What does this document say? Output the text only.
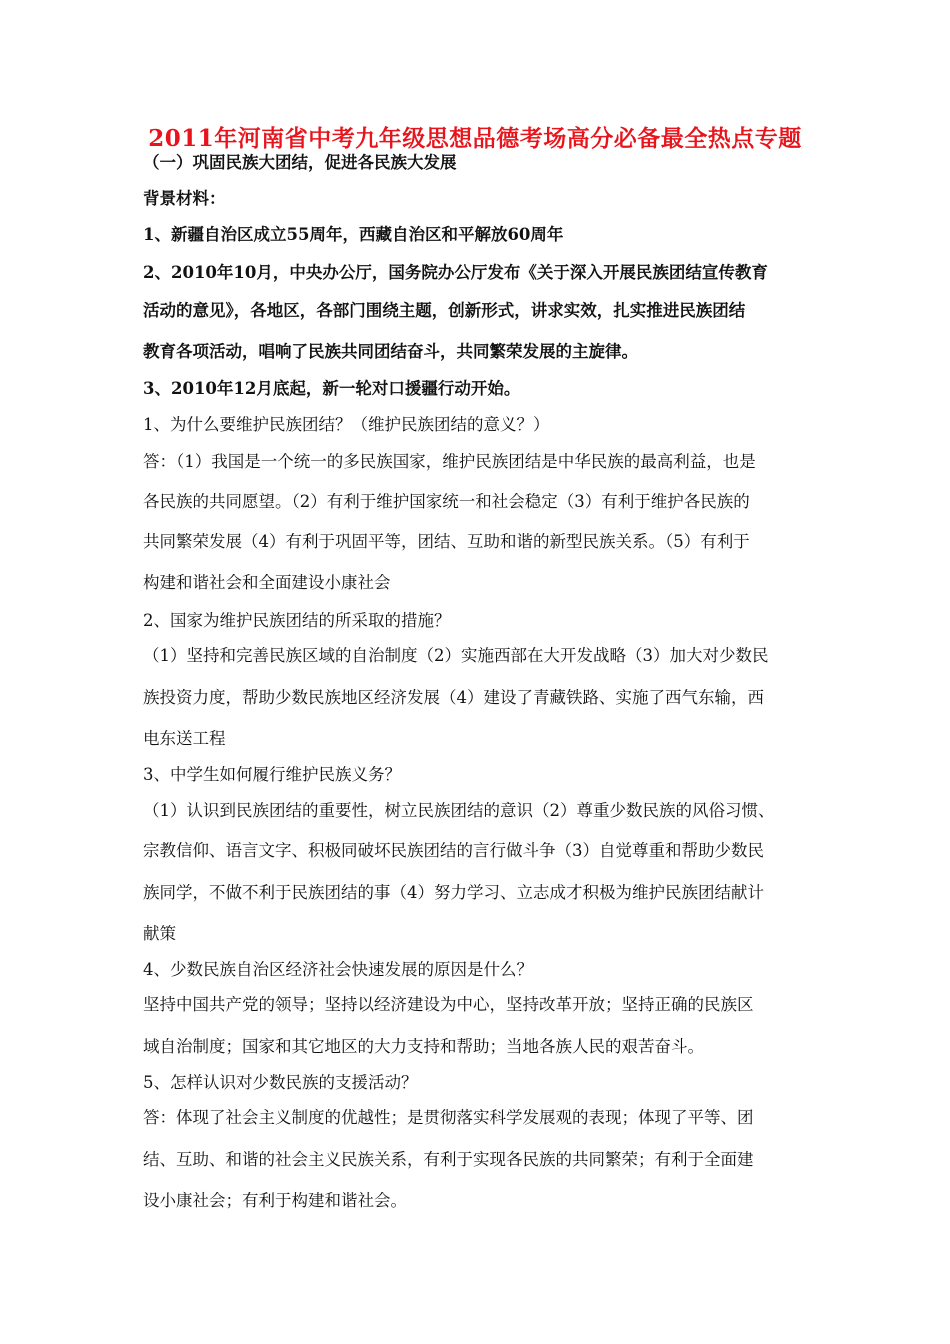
2011年河南省中考九年级思想品德考场高分必备最全热点专题
（一）巩固民族大团结，促进各民族大发展
背景材料：
1、新疆自治区成立55周年，西藏自治区和平解放60周年
2、2010年10月，中央办公厅，国务院办公厅发布《关于深入开展民族团结宣传教育
活动的意见》，各地区，各部门围绕主题，创新形式，讲求实效，扎实推进民族团结
教育各项活动，唱响了民族共同团结奋斗，共同繁荣发展的主旋律。
3、2010年12月底起，新一轮对口援疆行动开始。
1、为什么要维护民族团结？（维护民族团结的意义？）
答：（1）我国是一个统一的多民族国家，维护民族团结是中华民族的最高利益，也是
各民族的共同愿望。（2）有利于维护国家统一和社会稳定（3）有利于维护各民族的
共同繁荣发展（4）有利于巩固平等，团结、互助和谐的新型民族关系。（5）有利于
构建和谐社会和全面建设小康社会
2、国家为维护民族团结的所采取的措施？
（1）坚持和完善民族区域的自治制度（2）实施西部在大开发战略（3）加大对少数民
族投资力度，帮助少数民族地区经济发展（4）建设了青藏铁路、实施了西气东输，西
电东送工程
3、中学生如何履行维护民族义务？
（1）认识到民族团结的重要性，树立民族团结的意识（2）尊重少数民族的风俗习惯、
宗教信仰、语言文字、积极同破坏民族团结的言行做斗争（3）自觉尊重和帮助少数民
族同学，不做不利于民族团结的事（4）努力学习、立志成才积极为维护民族团结献计
献策
4、少数民族自治区经济社会快速发展的原因是什么？
坚持中国共产党的领导；坚持以经济建设为中心，坚持改革开放；坚持正确的民族区
域自治制度；国家和其它地区的大力支持和帮助；当地各族人民的艰苦奋斗。
5、怎样认识对少数民族的支援活动？
答：体现了社会主义制度的优越性；是贯彻落实科学发展观的表现；体现了平等、团
结、互助、和谐的社会主义民族关系，有利于实现各民族的共同繁荣；有利于全面建
设小康社会；有利于构建和谐社会。
